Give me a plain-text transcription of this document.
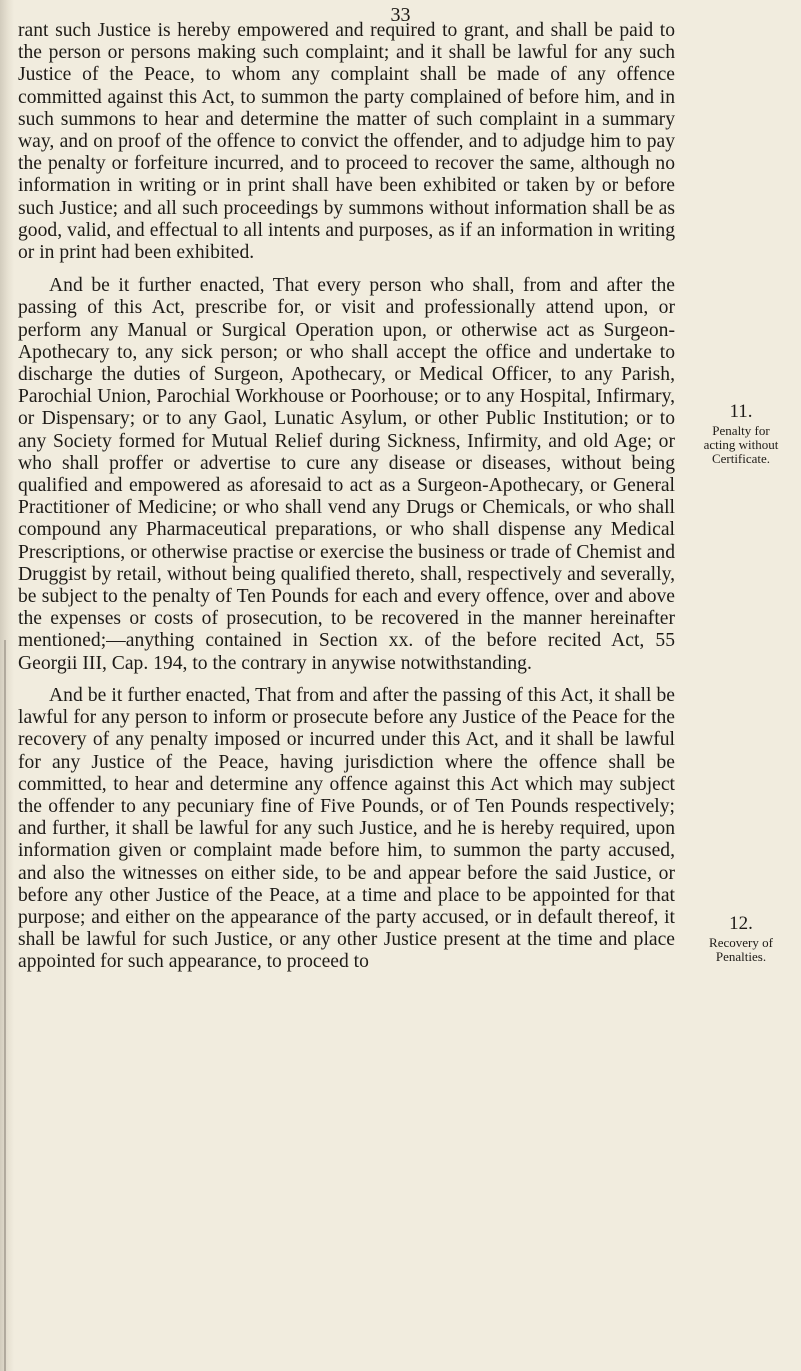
33

rant such Justice is hereby empowered and required to grant, and shall be paid to the person or persons making such complaint; and it shall be lawful for any such Justice of the Peace, to whom any complaint shall be made of any offence committed against this Act, to summon the party complained of before him, and in such summons to hear and determine the matter of such complaint in a summary way, and on proof of the offence to convict the offender, and to adjudge him to pay the penalty or forfeiture incurred, and to proceed to recover the same, although no information in writing or in print shall have been exhibited or taken by or before such Justice; and all such proceedings by summons without information shall be as good, valid, and effectual to all intents and purposes, as if an information in writing or in print had been exhibited.

And be it further enacted, That every person who shall, from and after the passing of this Act, prescribe for, or visit and professionally attend upon, or perform any Manual or Surgical Operation upon, or otherwise act as Surgeon-Apothecary to, any sick person; or who shall accept the office and undertake to discharge the duties of Surgeon, Apothecary, or Medical Officer, to any Parish, Parochial Union, Parochial Workhouse or Poorhouse; or to any Hospital, Infirmary, or Dispensary; or to any Gaol, Lunatic Asylum, or other Public Institution; or to any Society formed for Mutual Relief during Sickness, Infirmity, and old Age; or who shall proffer or advertise to cure any disease or diseases, without being qualified and empowered as aforesaid to act as a Surgeon-Apothecary, or General Practitioner of Medicine; or who shall vend any Drugs or Chemicals, or who shall compound any Pharmaceutical preparations, or who shall dispense any Medical Prescriptions, or otherwise practise or exercise the business or trade of Chemist and Druggist by retail, without being qualified thereto, shall, respectively and severally, be subject to the penalty of Ten Pounds for each and every offence, over and above the expenses or costs of prosecution, to be recovered in the manner hereinafter mentioned;—anything contained in Section xx. of the before recited Act, 55 Georgii III, Cap. 194, to the contrary in anywise notwithstanding.

And be it further enacted, That from and after the passing of this Act, it shall be lawful for any person to inform or prosecute before any Justice of the Peace for the recovery of any penalty imposed or incurred under this Act, and it shall be lawful for any Justice of the Peace, having jurisdiction where the offence shall be committed, to hear and determine any offence against this Act which may subject the offender to any pecuniary fine of Five Pounds, or of Ten Pounds respectively; and further, it shall be lawful for any such Justice, and he is hereby required, upon information given or complaint made before him, to summon the party accused, and also the witnesses on either side, to be and appear before the said Justice, or before any other Justice of the Peace, at a time and place to be appointed for that purpose; and either on the appearance of the party accused, or in default thereof, it shall be lawful for such Justice, or any other Justice present at the time and place appointed for such appearance, to proceed to

11.
Penalty for
acting without
Certificate.
12.
Recovery of
Penalties.
